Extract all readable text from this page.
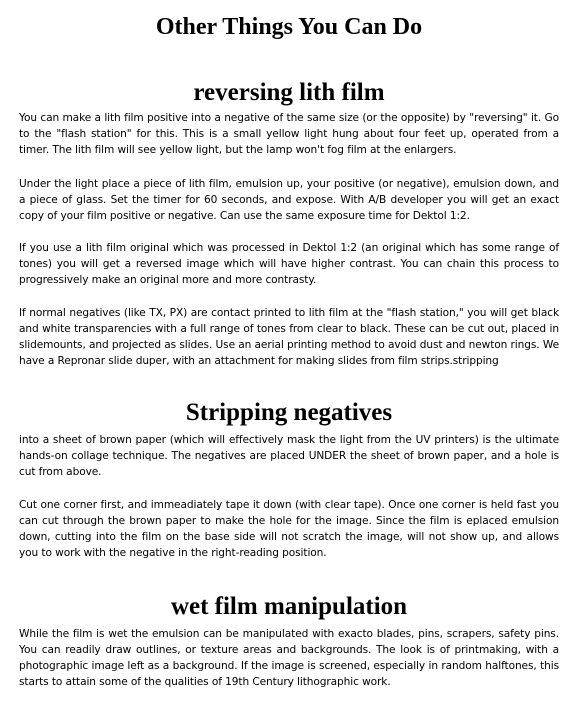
Other Things You Can Do
reversing lith film

You can make a lith film positive into a negative of the same size (or the opposite) by "reversing" it. Go to the "flash station" for this. This is a small yellow light hung about four feet up, operated from a timer. The lith film will see yellow light, but the lamp won't fog film at the enlargers.

Under the light place a piece of lith film, emulsion up, your positive (or negative), emulsion down, and a piece of glass. Set the timer for 60 seconds, and expose. With A/B developer you will get an exact copy of your film positive or negative. Can use the same exposure time for Dektol 1:2.

If you use a lith film original which was processed in Dektol 1:2 (an original which has some range of tones) you will get a reversed image which will have higher contrast. You can chain this process to progressively make an original more and more contrasty.

If normal negatives (like TX, PX) are contact printed to lith film at the "flash station," you will get black and white transparencies with a full range of tones from clear to black. These can be cut out, placed in slidemounts, and projected as slides. Use an aerial printing method to avoid dust and newton rings. We have a Repronar slide duper, with an attachment for making slides from film strips.stripping

Stripping negatives

into a sheet of brown paper (which will effectively mask the light from the UV printers) is the ultimate hands-on collage technique. The negatives are placed UNDER the sheet of brown paper, and a hole is cut from above.

Cut one corner first, and immeadiately tape it down (with clear tape). Once one corner is held fast you can cut through the brown paper to make the hole for the image. Since the film is eplaced emulsion down, cutting into the film on the base side will not scratch the image, will not show up, and allows you to work with the negative in the right-reading position.

wet film manipulation

While the film is wet the emulsion can be manipulated with exacto blades, pins, scrapers, safety pins. You can readily draw outlines, or texture areas and backgrounds. The look is of printmaking, with a photographic image left as a background. If the image is screened, especially in random halftones, this starts to attain some of the qualities of 19th Century lithographic work.
